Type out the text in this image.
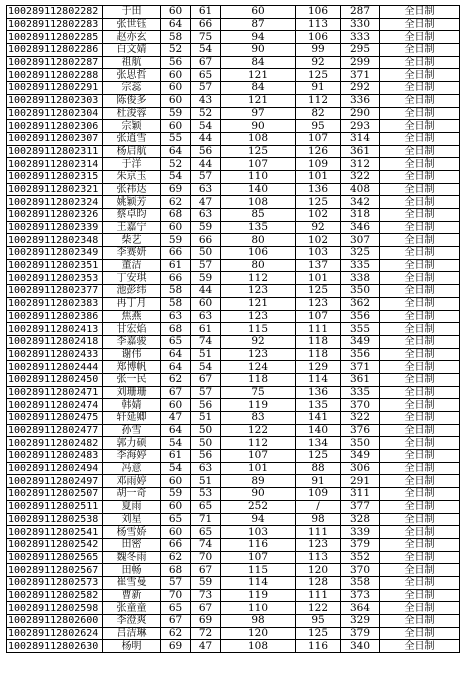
100289112802282	于田	60	61	60	106	287	全日制
100289112802283	张世钰	64	66	87	113	330	全日制
100289112802285	赵亦玄	58	75	94	106	333	全日制
100289112802286	白文婧	52	54	90	99	295	全日制
100289112802287	祖航	56	67	84	92	299	全日制
100289112802288	张思哲	60	65	121	125	371	全日制
100289112802291	宗蕊	60	57	84	91	292	全日制
100289112802303	陈俊多	60	43	121	112	336	全日制
100289112802304	杜浚蓉	59	52	97	82	290	全日制
100289112802306	宗颖	60	54	90	95	293	全日制
100289112802307	张逍雪	55	44	108	107	314	全日制
100289112802311	杨启航	64	56	125	126	361	全日制
100289112802314	于洋	52	44	107	109	312	全日制
100289112802315	朱京玉	54	57	110	101	322	全日制
100289112802321	张祎达	69	63	140	136	408	全日制
100289112802324	姚颖芳	62	47	108	125	342	全日制
100289112802326	蔡卓昀	68	63	85	102	318	全日制
100289112802339	王嘉宁	60	59	135	92	346	全日制
100289112802348	柴艺	59	66	80	102	307	全日制
100289112802349	李赛妍	66	50	106	103	325	全日制
100289112802351	董洁	61	57	80	137	335	全日制
100289112802353	丁安琪	66	59	112	101	338	全日制
100289112802377	池彭纬	58	44	123	125	350	全日制
100289112802383	冉丁月	58	60	121	123	362	全日制
100289112802386	焦燕	63	63	123	107	356	全日制
100289112802413	甘宏焰	68	61	115	111	355	全日制
100289112802418	李嘉骏	65	74	92	118	349	全日制
100289112802433	谢伟	64	51	123	118	356	全日制
100289112802444	郑博帆	64	54	124	129	371	全日制
100289112802450	张一民	62	67	118	114	361	全日制
100289112802471	刘珊珊	67	57	75	136	335	全日制
100289112802474	韩婧	60	56	119	135	370	全日制
100289112802475	轩延卿	47	51	83	141	322	全日制
100289112802477	孙雪	64	50	122	140	376	全日制
100289112802482	郭力硕	54	50	112	134	350	全日制
100289112802483	李海婷	61	56	107	125	349	全日制
100289112802494	冯意	54	63	101	88	306	全日制
100289112802497	邓雨婷	60	51	89	91	291	全日制
100289112802507	胡一奇	59	53	90	109	311	全日制
100289112802511	夏雨	60	65	252	/	377	全日制
100289112802538	刘星	65	71	94	98	328	全日制
100289112802541	杨雪娇	60	65	103	111	339	全日制
100289112802542	田密	66	74	116	123	379	全日制
100289112802565	魏冬雨	62	70	107	113	352	全日制
100289112802567	田畅	68	67	115	120	370	全日制
100289112802573	崔雪曼	57	59	114	128	358	全日制
100289112802582	曹新	70	73	119	111	373	全日制
100289112802598	张童童	65	67	110	122	364	全日制
100289112802600	李澄爽	67	69	98	95	329	全日制
100289112802624	吕洁琳	62	72	120	125	379	全日制
100289112802630	杨明	69	47	108	116	340	全日制
